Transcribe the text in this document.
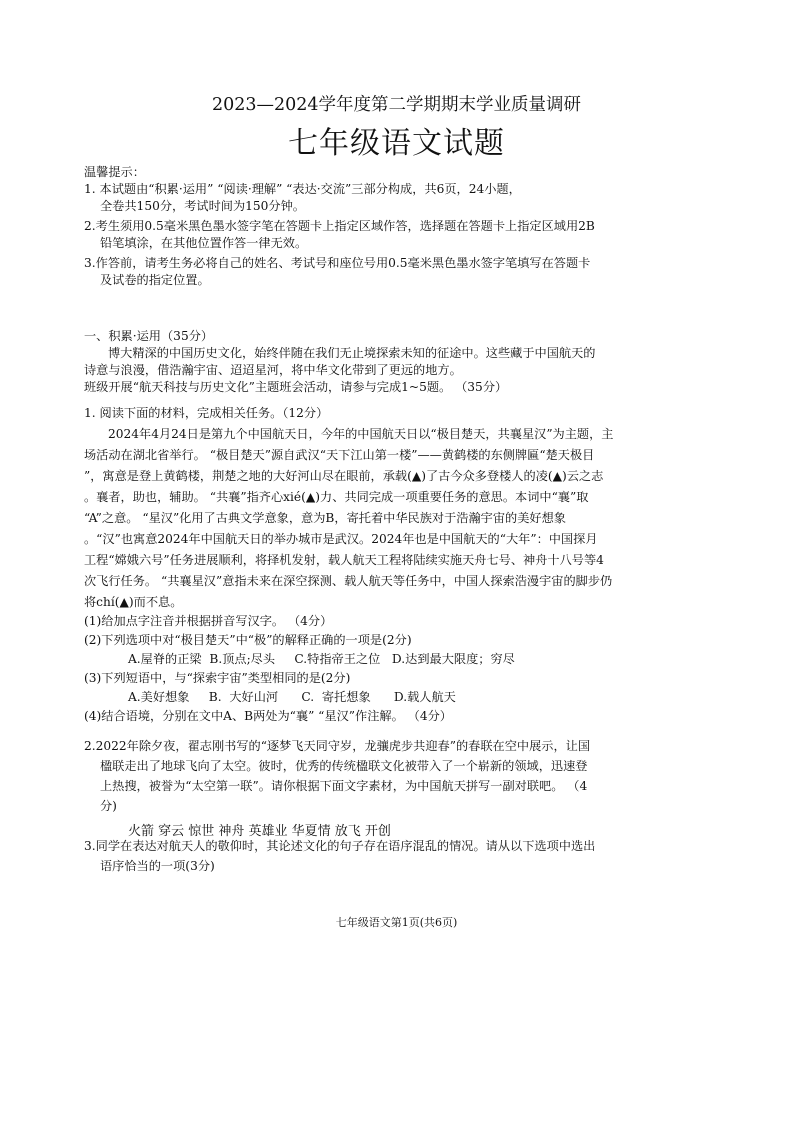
2023—2024学年度第二学期期末学业质量调研
七年级语文试题
温馨提示：
1. 本试题由“积累·运用” “阅读·理解” “表达·交流”三部分构成，共6页，24小题，
全卷共150分，考试时间为150分钟。
2.考生须用0.5毫米黑色墨水签字笔在答题卡上指定区域作答，选择题在答题卡上指定区域用2B
铅笔填涂，在其他位置作答一律无效。
3.作答前，请考生务必将自己的姓名、考试号和座位号用0.5毫米黑色墨水签字笔填写在答题卡
及试卷的指定位置。
一、积累·运用（35分）
博大精深的中国历史文化，始终伴随在我们无止境探索未知的征途中。这些藏于中国航天的
诗意与浪漫，借浩瀚宇宙、迢迢星河，将中华文化带到了更远的地方。
班级开展“航天科技与历史文化”主题班会活动，请参与完成1~5题。 （35分）
1. 阅读下面的材料，完成相关任务。（12分）
2024年4月24日是第九个中国航天日，今年的中国航天日以“极目楚天，共襄星汉”为主题，主
场活动在湖北省举行。 “极目楚天”源自武汉“天下江山第一楼”——黄鹤楼的东侧牌匾“楚天极目
”，寓意是登上黄鹤楼，荆楚之地的大好河山尽在眼前，承载(▲)了古今众多登楼人的凌(▲)云之志
。襄者，助也，辅助。 “共襄”指齐心xié(▲)力、共同完成一项重要任务的意思。本词中“襄”取
“A”之意。 “星汉”化用了古典文学意象，意为B，寄托着中华民族对于浩瀚宇宙的美好想象
。“汉”也寓意2024年中国航天日的举办城市是武汉。2024年也是中国航天的“大年”：中国探月
工程“嫦娥六号”任务进展顺利，将择机发射，载人航天工程将陆续实施天舟七号、神舟十八号等4
次飞行任务。 “共襄星汉”意指未来在深空探测、载人航天等任务中，中国人探索浩漫宇宙的脚步仍
将chí(▲)而不息。
(1)给加点字注音并根据拼音写汉字。 （4分）
(2)下列选项中对“极目楚天”中“极”的解释正确的一项是(2分)
A.屋脊的正梁  B.顶点;尽头     C.特指帝王之位   D.达到最大限度；穷尽
(3)下列短语中，与“探索宇宙”类型相同的是(2分)
A.美好想象     B.  大好山河      C.  寄托想象      D.载人航天
(4)结合语境，分别在文中A、B两处为“襄” “星汉”作注解。 （4分）
2.2022年除夕夜，翟志刚书写的“逐梦飞天同守岁，龙骧虎步共迎春”的春联在空中展示，让国
楹联走出了地球飞向了太空。彼时，优秀的传统楹联文化被带入了一个崭新的领域，迅速登
上热搜，被誉为“太空第一联”。请你根据下面文字素材，为中国航天拼写一副对联吧。 （4
分)
火箭 穿云 惊世 神舟 英雄业 华夏情 放飞 开创
3.同学在表达对航天人的敬仰时，其论述文化的句子存在语序混乱的情况。请从以下选项中选出
语序恰当的一项(3分)
七年级语文第1页(共6页)
